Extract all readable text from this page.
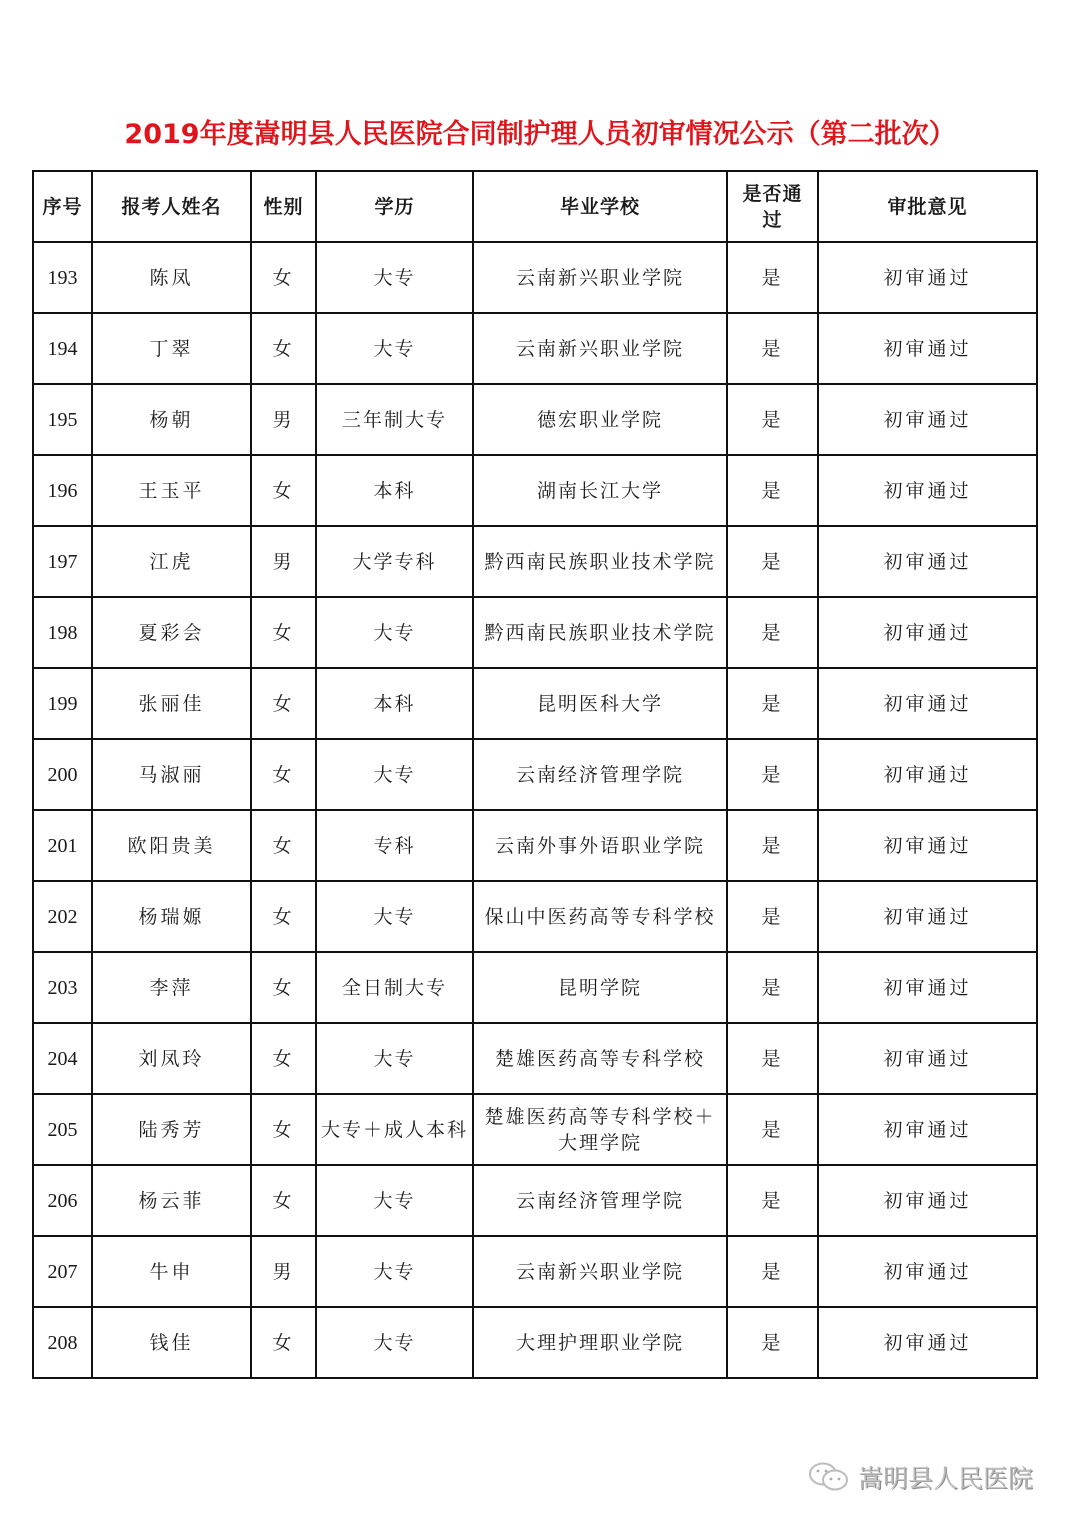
2019年度嵩明县人民医院合同制护理人员初审情况公示（第二批次）
序号	报考人姓名	性别	学历	毕业学校	是否通过	审批意见
193	陈凤	女	大专	云南新兴职业学院	是	初审通过
194	丁翠	女	大专	云南新兴职业学院	是	初审通过
195	杨朝	男	三年制大专	德宏职业学院	是	初审通过
196	王玉平	女	本科	湖南长江大学	是	初审通过
197	江虎	男	大学专科	黔西南民族职业技术学院	是	初审通过
198	夏彩会	女	大专	黔西南民族职业技术学院	是	初审通过
199	张丽佳	女	本科	昆明医科大学	是	初审通过
200	马淑丽	女	大专	云南经济管理学院	是	初审通过
201	欧阳贵美	女	专科	云南外事外语职业学院	是	初审通过
202	杨瑞嫄	女	大专	保山中医药高等专科学校	是	初审通过
203	李萍	女	全日制大专	昆明学院	是	初审通过
204	刘凤玲	女	大专	楚雄医药高等专科学校	是	初审通过
205	陆秀芳	女	大专＋成人本科	楚雄医药高等专科学校＋大理学院	是	初审通过
206	杨云菲	女	大专	云南经济管理学院	是	初审通过
207	牛申	男	大专	云南新兴职业学院	是	初审通过
208	钱佳	女	大专	大理护理职业学院	是	初审通过
嵩明县人民医院
